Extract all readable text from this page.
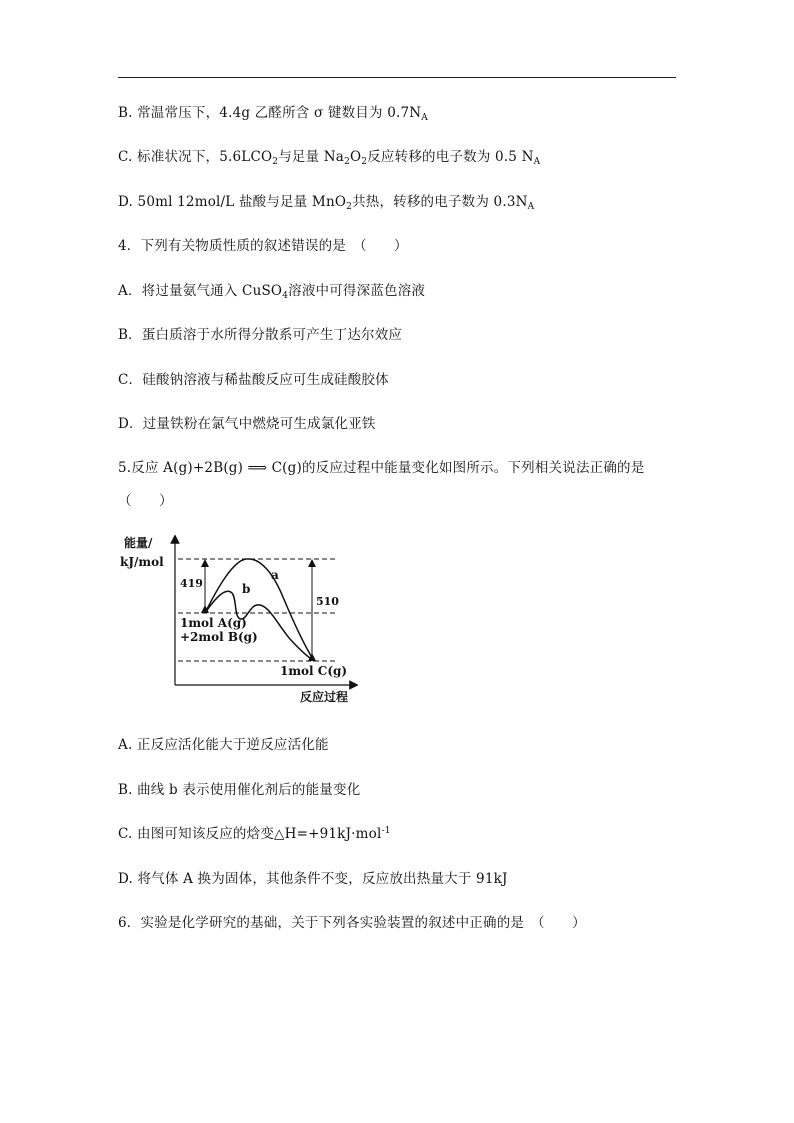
B. 常温常压下，4.4g 乙醛所含 σ 键数目为 $0.7N_A$
C. 标准状况下，$5.6LCO_2$与足量 $Na_2O_2$反应转移的电子数为 0.5 $N_A$
D. 50ml 12mol/L 盐酸与足量 MnO$_2$共热，转移的电子数为 $0.3N_A$
4．下列有关物质性质的叙述错误的是　（　　）
A．将过量氨气通入 CuSO$_4$溶液中可得深蓝色溶液
B．蛋白质溶于水所得分散系可产生丁达尔效应
C．硅酸钠溶液与稀盐酸反应可生成硅酸胶体
D．过量铁粉在氯气中燃烧可生成氯化亚铁
5.反应 A(g)+2B(g) ⟹ C(g)的反应过程中能量变化如图所示。下列相关说法正确的是
（　　）
能量/
kJ/mol
419
510
a
b
1mol A(g)
+2mol B(g)
1mol C(g)
反应过程
A. 正反应活化能大于逆反应活化能
B. 曲线 b 表示使用催化剂后的能量变化
C. 由图可知该反应的焓变△H=+91kJ·mol$^{-1}$
D. 将气体 A 换为固体，其他条件不变，反应放出热量大于 91kJ
6．实验是化学研究的基础，关于下列各实验装置的叙述中正确的是　（　　）
